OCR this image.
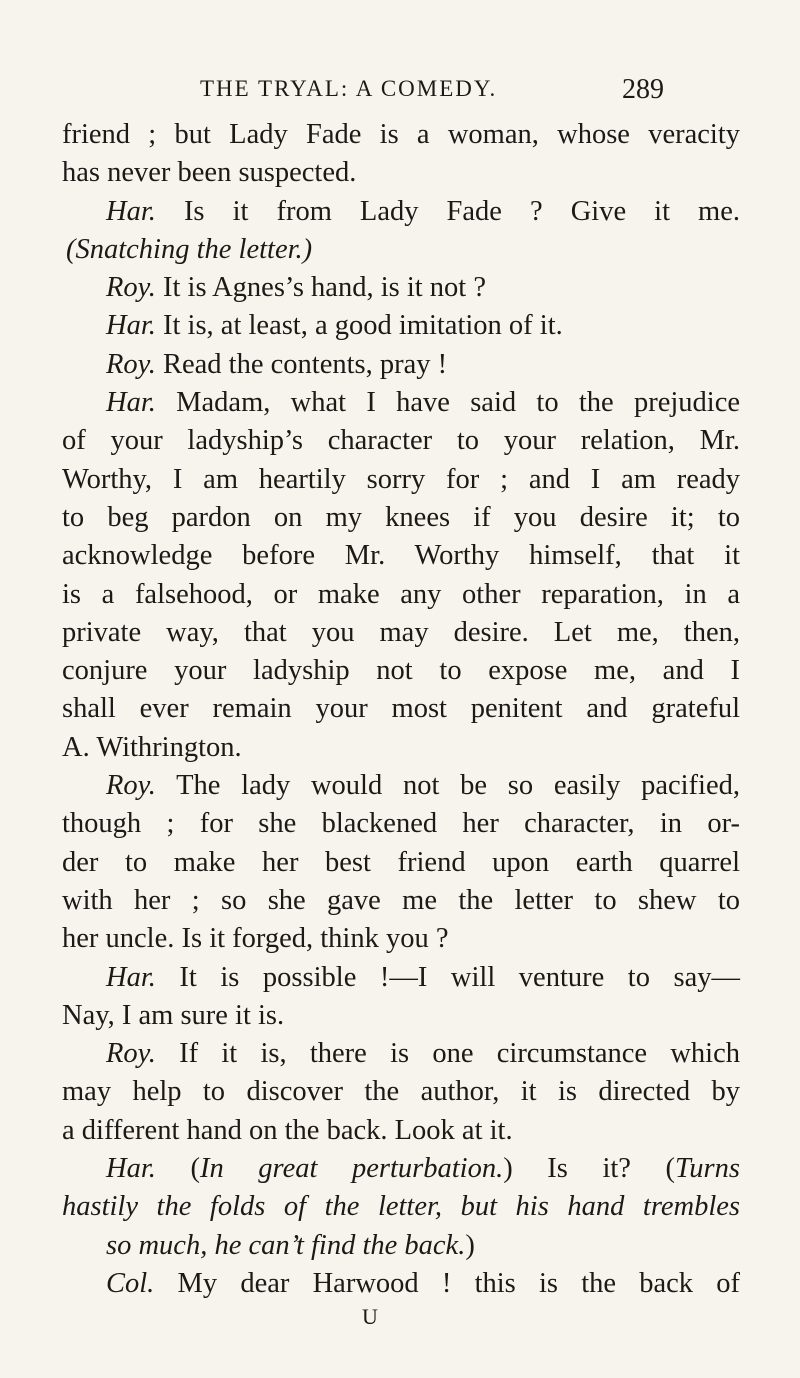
THE TRYAL: A COMEDY.	289
friend ; but Lady Fade is a woman, whose veracity
has never been suspected.
Har. Is it from Lady Fade ? Give it me.
(Snatching the letter.)
Roy. It is Agnes’s hand, is it not ?
Har. It is, at least, a good imitation of it.
Roy. Read the contents, pray !
Har. Madam, what I have said to the prejudice
of your ladyship’s character to your relation, Mr.
Worthy, I am heartily sorry for ; and I am ready
to beg pardon on my knees if you desire it; to
acknowledge before Mr. Worthy himself, that it
is a falsehood, or make any other reparation, in a
private way, that you may desire. Let me, then,
conjure your ladyship not to expose me, and I
shall ever remain your most penitent and grateful
A. Withrington.
Roy. The lady would not be so easily pacified,
though ; for she blackened her character, in or-
der to make her best friend upon earth quarrel
with her ; so she gave me the letter to shew to
her uncle. Is it forged, think you ?
Har. It is possible !—I will venture to say—
Nay, I am sure it is.
Roy. If it is, there is one circumstance which
may help to discover the author, it is directed by
a different hand on the back. Look at it.
Har. (In great perturbation.) Is it? (Turns
hastily the folds of the letter, but his hand trembles
so much, he can’t find the back.)
Col. My dear Harwood ! this is the back of
U
